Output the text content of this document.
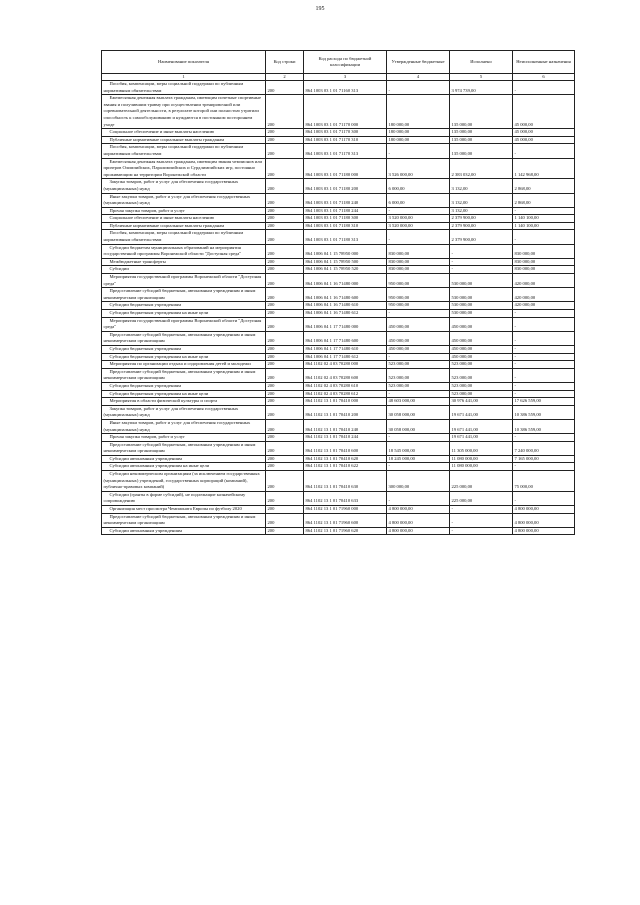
195
Наименование показателя	Код строки	Код расхода по бюджетной классификации	Утвержденные бюджетные	Исполнено	Неисполненные назначения
1	2	3	4	5	6
Пособия, компенсации, меры социальной поддержки по публичным нормативным обязательствам	200	864 1003 03 1 01 71160 313	-	3 974 739,00	-
Ежемесячная денежная выплата гражданам, имеющим почетные спортивные звания и получившим травму при осуществлении тренировочной или соревновательной деятельности, в результате которой они полностью утратили способность к самообслуживанию и нуждаются в постоянном постороннем уходе	200	864 1003 03 1 01 71170 000	180 000,00	135 000,00	45 000,00
Социальное обеспечение и иные выплаты населению	200	864 1003 03 1 01 71170 300	180 000,00	135 000,00	45 000,00
Публичные нормативные социальные выплаты гражданам	200	864 1003 03 1 01 71170 310	180 000,00	135 000,00	45 000,00
Пособия, компенсации, меры социальной поддержки по публичным нормативным обязательствам	200	864 1003 03 1 01 71170 313	-	135 000,00	-
Ежемесячная денежная выплата гражданам, имеющим звания чемпионов или призеров Олимпийских, Паралимпийских и Сурдлимпийских игр, постоянно проживающим на территории Воронежской области	200	864 1003 03 1 01 71180 000	3 526 000,00	2 383 032,00	1 142 968,00
Закупка товаров, работ и услуг для обеспечения государственных (муниципальных) нужд	200	864 1003 03 1 01 71180 200	6 000,00	3 132,00	2 868,00
Иные закупки товаров, работ и услуг для обеспечения государственных (муниципальных) нужд	200	864 1003 03 1 01 71180 240	6 000,00	3 132,00	2 868,00
Прочая закупка товаров, работ и услуг	200	864 1003 03 1 01 71180 244	-	3 132,00	-
Социальное обеспечение и иные выплаты населению	200	864 1003 03 1 01 71180 300	3 520 000,00	2 379 900,00	1 140 100,00
Публичные нормативные социальные выплаты гражданам	200	864 1003 03 1 01 71180 310	3 520 000,00	2 379 900,00	1 140 100,00
Пособия, компенсации, меры социальной поддержки по публичным нормативным обязательствам	200	864 1003 03 1 01 71180 313	-	2 379 900,00	-
Субсидии бюджетам муниципальных образований на мероприятия государственной программы Воронежской области "Доступная среда"	200	864 1006 04 1 15 78950 000	830 000,00	-	830 000,00
Межбюджетные трансферты	200	864 1006 04 1 15 78950 500	830 000,00	-	830 000,00
Субсидии	200	864 1006 04 1 15 78950 520	830 000,00	-	830 000,00
Мероприятия государственной программы Воронежской области "Доступная среда"	200	864 1006 04 1 16 71480 000	950 000,00	530 000,00	420 000,00
Предоставление субсидий бюджетным, автономным учреждениям и иным некоммерческим организациям	200	864 1006 04 1 16 71480 600	950 000,00	530 000,00	420 000,00
Субсидии бюджетным учреждениям	200	864 1006 04 1 16 71480 610	950 000,00	530 000,00	420 000,00
Субсидии бюджетным учреждениям на иные цели	200	864 1006 04 1 16 71480 612	-	530 000,00	-
Мероприятия государственной программы Воронежской области "Доступная среда"	200	864 1006 04 1 17 71480 000	450 000,00	450 000,00	-
Предоставление субсидий бюджетным, автономным учреждениям и иным некоммерческим организациям	200	864 1006 04 1 17 71480 600	450 000,00	450 000,00	-
Субсидии бюджетным учреждениям	200	864 1006 04 1 17 71480 610	450 000,00	450 000,00	-
Субсидии бюджетным учреждениям на иные цели	200	864 1006 04 1 17 71480 612	-	450 000,00	-
Мероприятия по организации отдыха и оздоровления детей и молодежи	200	864 1102 02 4 03 70280 000	523 000,00	523 000,00	-
Предоставление субсидий бюджетным, автономным учреждениям и иным некоммерческим организациям	200	864 1102 02 4 03 70280 600	523 000,00	523 000,00	-
Субсидии бюджетным учреждениям	200	864 1102 02 4 03 70280 610	523 000,00	523 000,00	-
Субсидии бюджетным учреждениям на иные цели	200	864 1102 02 4 03 70280 612	-	523 000,00	-
Мероприятия в области физической культуры и спорта	200	864 1102 13 1 01 70410 000	48 603 000,00	30 976 441,00	17 626 559,00
Закупка товаров, работ и услуг для обеспечения государственных (муниципальных) нужд	200	864 1102 13 1 01 70410 200	30 058 000,00	19 671 441,00	10 386 559,00
Иные закупки товаров, работ и услуг для обеспечения государственных (муниципальных) нужд	200	864 1102 13 1 01 70410 240	30 058 000,00	19 671 441,00	10 386 559,00
Прочая закупка товаров, работ и услуг	200	864 1102 13 1 01 70410 244	-	19 671 441,00	-
Предоставление субсидий бюджетным, автономным учреждениям и иным некоммерческим организациям	200	864 1102 13 1 01 70410 600	18 545 000,00	11 305 000,00	7 240 000,00
Субсидии автономным учреждениям	200	864 1102 13 1 01 70410 620	18 245 000,00	11 080 000,00	7 165 000,00
Субсидии автономным учреждениям на иные цели	200	864 1102 13 1 01 70410 622	-	11 080 000,00	-
Субсидии некоммерческим организациям (за исключением государственных (муниципальных) учреждений, государственных корпораций (компаний), публично-правовых компаний)	200	864 1102 13 1 01 70410 630	300 000,00	225 000,00	75 000,00
Субсидии (гранты в форме субсидий), не подлежащие казначейскому сопровождению	200	864 1102 13 1 01 70410 633	-	225 000,00	-
Организация мест просмотра Чемпионата Европы по футболу 2020	200	864 1102 13 1 01 71960 000	4 800 000,00	-	4 800 000,00
Предоставление субсидий бюджетным, автономным учреждениям и иным некоммерческим организациям	200	864 1102 13 1 01 71960 600	4 800 000,00	-	4 800 000,00
Субсидии автономным учреждениям	200	864 1102 13 1 01 71960 620	4 800 000,00	-	4 800 000,00
